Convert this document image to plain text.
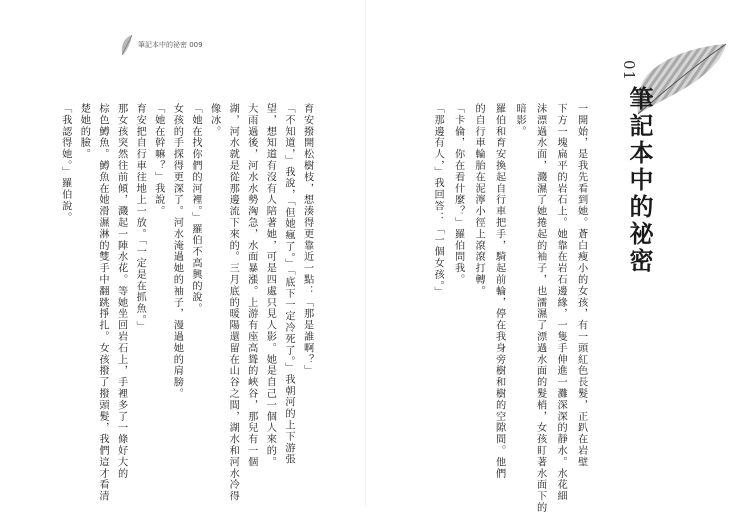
筆記本中的祕密 009
育安撥開松樹枝，想湊得更靠近一點：「那是誰啊？」
「不知道，」我說，「但她瘋了。」「底下一定冷死了。」我朝河的上下游張
望，想知道有沒有人陪著她，可是四處只見人影。她是自己一個人來的。
大雨過後，河水水勢洶急，水面暴漲。上游有座高聳的峽谷，那兒有一個
湖，河水就是從那邊流下來的。三月底的暖陽還留在山谷之間，湖水和河水冷得
像冰。
「她在找你們的河裡。」羅伯不高興的說。
女孩的手探得更深了。河水淹過她的袖子，漫過她的肩膀。
「她在幹嘛？」我說。
育安把自行車往地上一放。「一定是在抓魚。」
那女孩突然往前傾，濺起一陣水花。等她坐回岩石上，手裡多了一條好大的
棕色鱒魚。鱒魚在她滑濕淋的雙手中翻跳掙扎。女孩撥了撥頭髮，我們這才看清
楚她的臉。
「我認得她。」羅伯說。	一開始，是我先看到她。蒼白瘦小的女孩，有一頭紅色長髮，正趴在岩壁
下方一塊扁平的岩石上。她靠在岩石邊緣，一隻手伸進一灘深深的靜水。水花細
沫漂過水面，濺濕了她捲起的袖子，也濡濕了漂過水面的髮梢，女孩盯著水面下的
暗影。
羅伯和育安換起自行車把手，騎起前輪，停在我身旁樹和樹的空隙間。他們
的自行車輪胎在泥濘小徑上滾滾打轉。
「卡倫，你在看什麼？」羅伯問我。
「那邊有人，」我回答：「一個女孩。」
01
筆記本中的祕密
